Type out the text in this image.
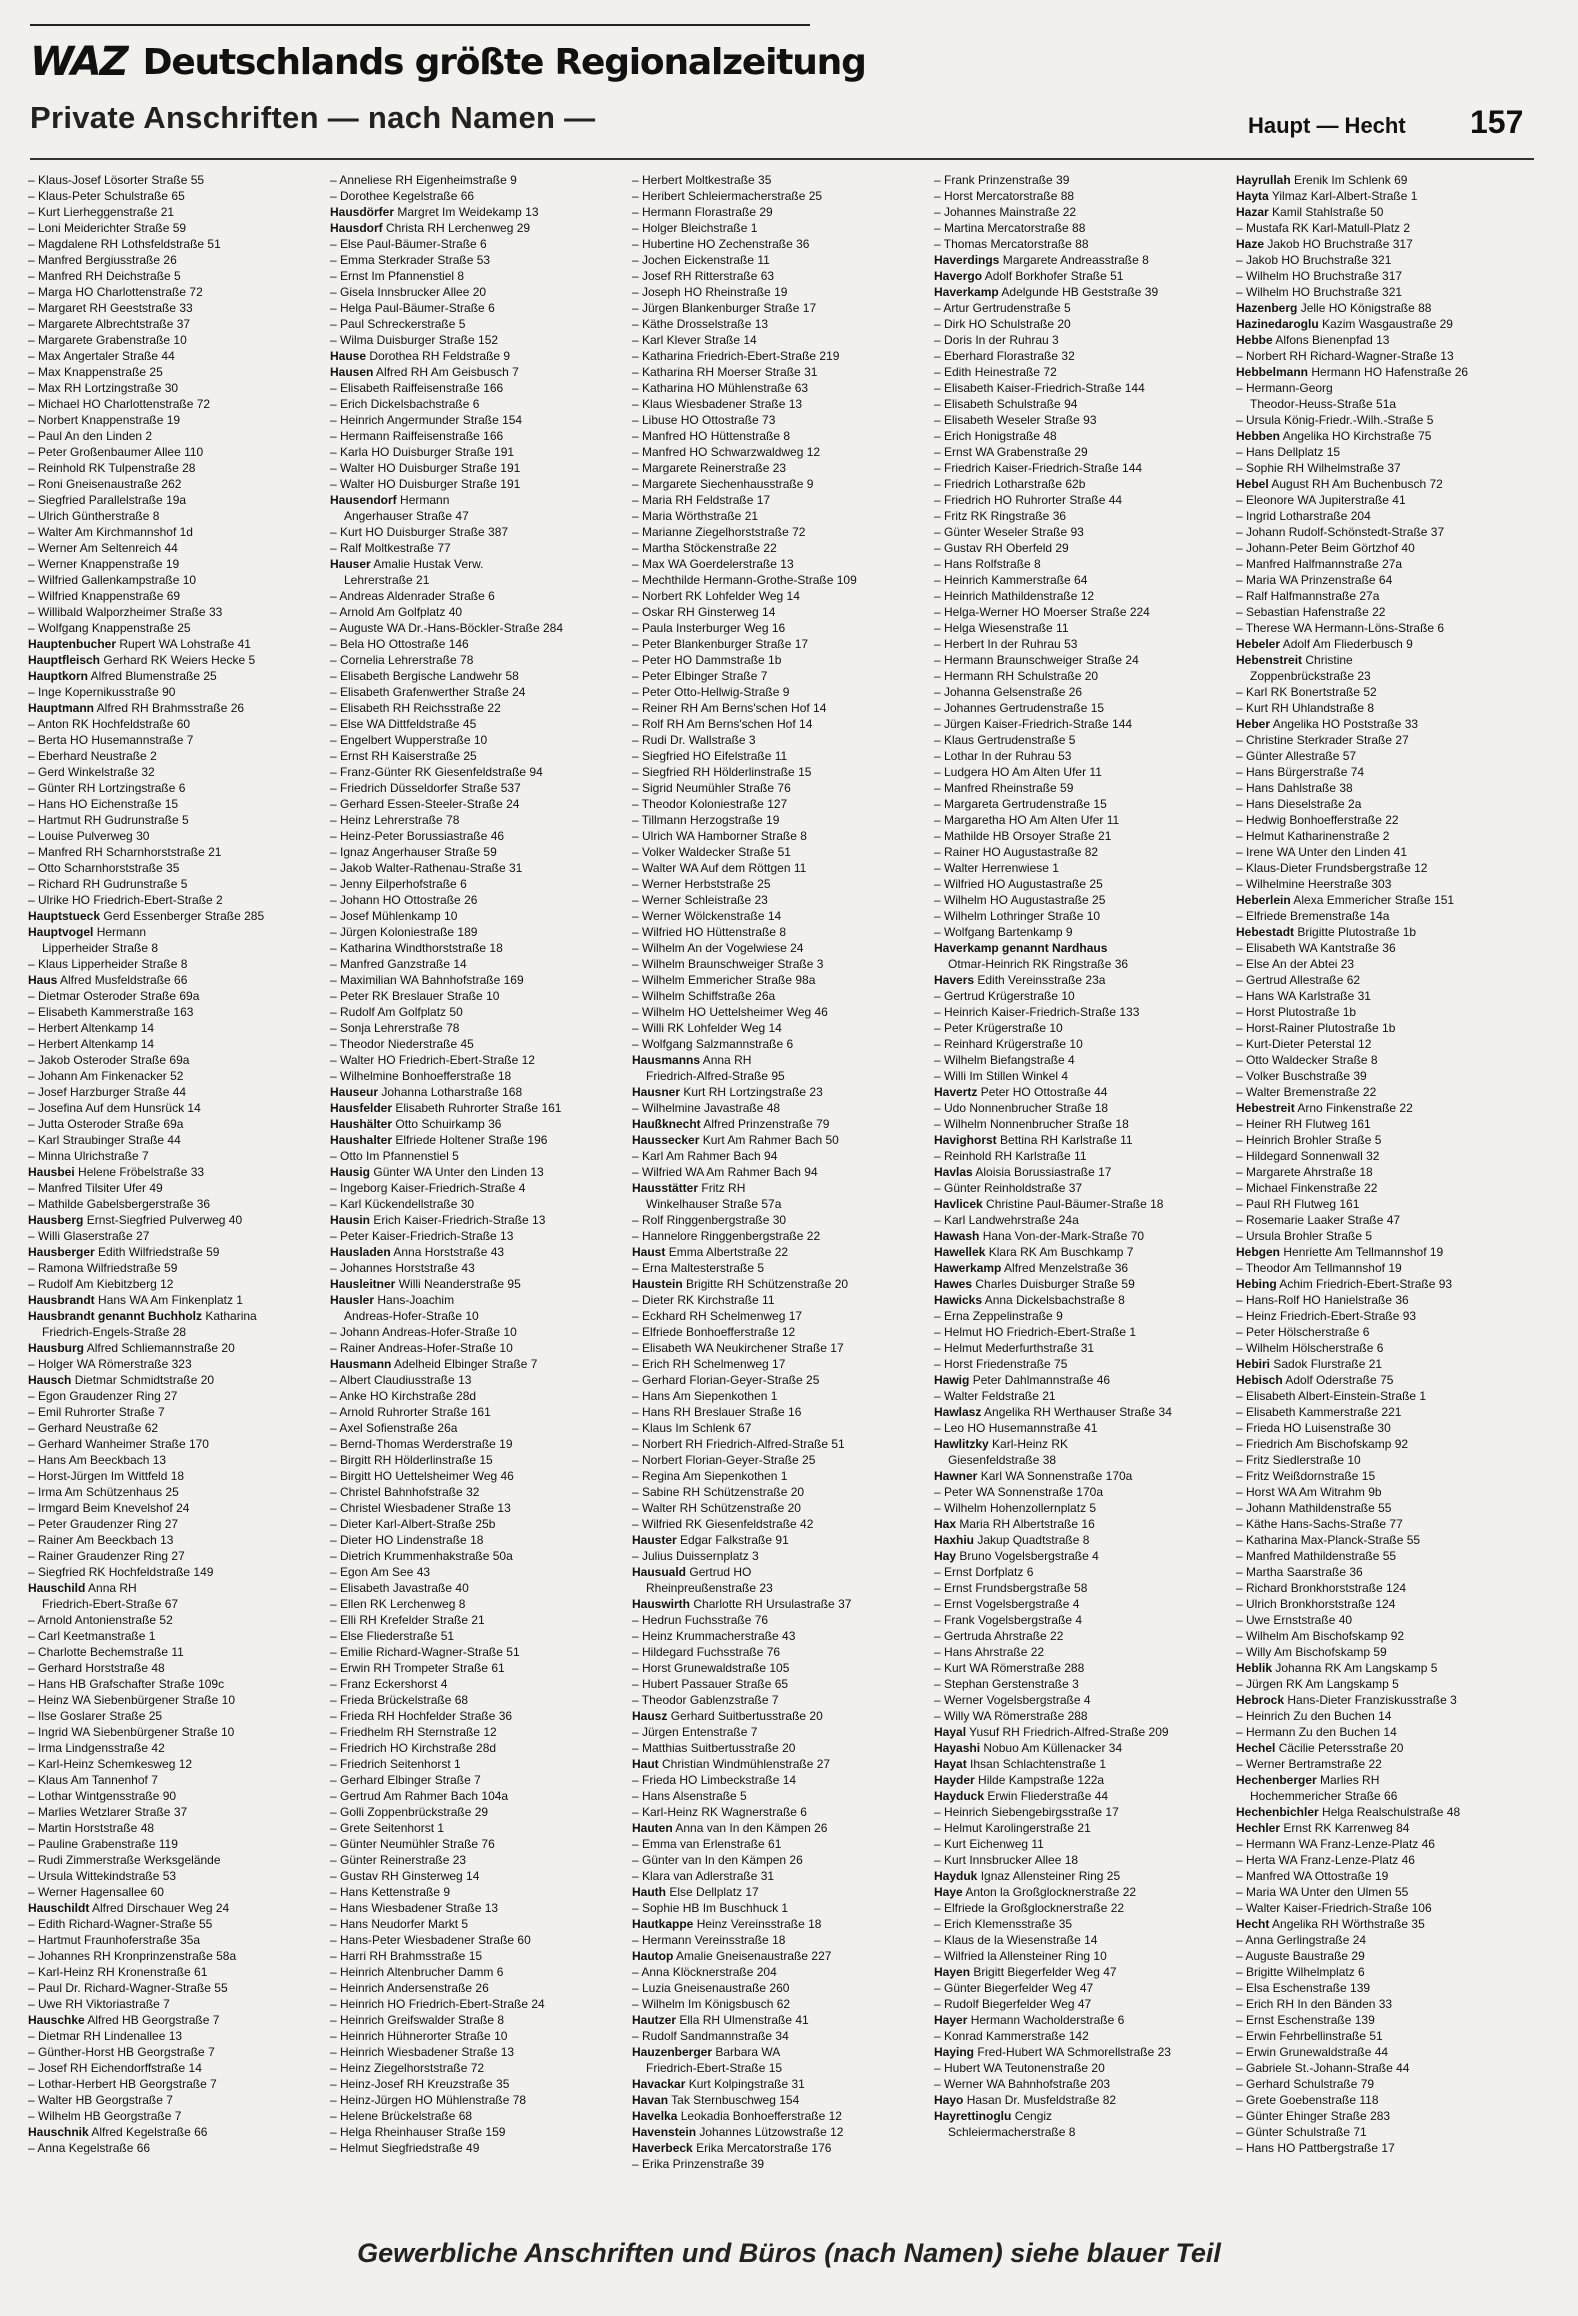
WAZ Deutschlands größte Regionalzeitung
Private Anschriften — nach Namen —	Haupt — Hecht 157
– Klaus-Josef Lösorter Straße 55
– Klaus-Peter Schulstraße 65
– Kurt Lierheggenstraße 21
– Loni Meiderichter Straße 59
– Magdalene RH Lothsfeldstraße 51
– Manfred Bergiusstraße 26
– Manfred RH Deichstraße 5
– Marga HO Charlottenstraße 72
– Margaret RH Geeststraße 33
– Margarete Albrechtstraße 37
– Margarete Grabenstraße 10
– Max Angertaler Straße 44
– Max Knappenstraße 25
– Max RH Lortzingstraße 30
– Michael HO Charlottenstraße 72
– Norbert Knappenstraße 19
– Paul An den Linden 2
– Peter Großenbaumer Allee 110
– Reinhold RK Tulpenstraße 28
– Roni Gneisenaustraße 262
– Siegfried Parallelstraße 19a
– Ulrich Güntherstraße 8
– Walter Am Kirchmannshof 1d
– Werner Am Seltenreich 44
– Werner Knappenstraße 19
– Wilfried Gallenkampstraße 10
– Wilfried Knappenstraße 69
– Willibald Walporzheimer Straße 33
– Wolfgang Knappenstraße 25
Hauptenbucher Rupert WA Lohstraße 41
Hauptfleisch Gerhard RK Weiers Hecke 5
Hauptkorn Alfred Blumenstraße 25
– Inge Kopernikusstraße 90
Hauptmann Alfred RH Brahmsstraße 26
– Anton RK Hochfeldstraße 60
– Berta HO Husemannstraße 7
– Eberhard Neustraße 2
– Gerd Winkelstraße 32
– Günter RH Lortzingstraße 6
– Hans HO Eichenstraße 15
– Hartmut RH Gudrunstraße 5
– Louise Pulverweg 30
– Manfred RH Scharnhorststraße 21
– Otto Scharnhorststraße 35
– Richard RH Gudrunstraße 5
– Ulrike HO Friedrich-Ebert-Straße 2
Hauptstueck Gerd Essenberger Straße 285
Hauptvogel Hermann
Lipperheider Straße 8
– Klaus Lipperheider Straße 8
Haus Alfred Musfeldstraße 66
– Dietmar Osteroder Straße 69a
– Elisabeth Kammerstraße 163
– Herbert Altenkamp 14
– Herbert Altenkamp 14
– Jakob Osteroder Straße 69a
– Johann Am Finkenacker 52
– Josef Harzburger Straße 44
– Josefina Auf dem Hunsrück 14
– Jutta Osteroder Straße 69a
– Karl Straubinger Straße 44
– Minna Ulrichstraße 7
Hausbei Helene Fröbelstraße 33
– Manfred Tilsiter Ufer 49
– Mathilde Gabelsbergerstraße 36
Hausberg Ernst-Siegfried Pulverweg 40
– Willi Glaserstraße 27
Hausberger Edith Wilfriedstraße 59
– Ramona Wilfriedstraße 59
– Rudolf Am Kiebitzberg 12
Hausbrandt Hans WA Am Finkenplatz 1
Hausbrandt genannt Buchholz Katharina
Friedrich-Engels-Straße 28
Hausburg Alfred Schliemannstraße 20
– Holger WA Römerstraße 323
Hausch Dietmar Schmidtstraße 20
– Egon Graudenzer Ring 27
– Emil Ruhrorter Straße 7
– Gerhard Neustraße 62
– Gerhard Wanheimer Straße 170
– Hans Am Beeckbach 13
– Horst-Jürgen Im Wittfeld 18
– Irma Am Schützenhaus 25
– Irmgard Beim Knevelshof 24
– Peter Graudenzer Ring 27
– Rainer Am Beeckbach 13
– Rainer Graudenzer Ring 27
– Siegfried RK Hochfeldstraße 149
Hauschild Anna RH
Friedrich-Ebert-Straße 67
– Arnold Antonienstraße 52
– Carl Keetmanstraße 1
– Charlotte Bechemstraße 11
– Gerhard Horststraße 48
– Hans HB Grafschafter Straße 109c
– Heinz WA Siebenbürgener Straße 10
– Ilse Goslarer Straße 25
– Ingrid WA Siebenbürgener Straße 10
– Irma Lindgensstraße 42
– Karl-Heinz Schemkesweg 12
– Klaus Am Tannenhof 7
– Lothar Wintgensstraße 90
– Marlies Wetzlarer Straße 37
– Martin Horststraße 48
– Pauline Grabenstraße 119
– Rudi Zimmerstraße Werksgelände
– Ursula Wittekindstraße 53
– Werner Hagensallee 60
Hauschildt Alfred Dirschauer Weg 24
– Edith Richard-Wagner-Straße 55
– Hartmut Fraunhoferstraße 35a
– Johannes RH Kronprinzenstraße 58a
– Karl-Heinz RH Kronenstraße 61
– Paul Dr. Richard-Wagner-Straße 55
– Uwe RH Viktoriastraße 7
Hauschke Alfred HB Georgstraße 7
– Dietmar RH Lindenallee 13
– Günther-Horst HB Georgstraße 7
– Josef RH Eichendorffstraße 14
– Lothar-Herbert HB Georgstraße 7
– Walter HB Georgstraße 7
– Wilhelm HB Georgstraße 7
Hauschnik Alfred Kegelstraße 66
– Anna Kegelstraße 66
– Anneliese RH Eigenheimstraße 9
– Dorothee Kegelstraße 66
Hausdörfer Margret Im Weidekamp 13
Hausdorf Christa RH Lerchenweg 29
– Else Paul-Bäumer-Straße 6
– Emma Sterkrader Straße 53
– Ernst Im Pfannenstiel 8
– Gisela Innsbrucker Allee 20
– Helga Paul-Bäumer-Straße 6
– Paul Schreckerstraße 5
– Wilma Duisburger Straße 152
Hause Dorothea RH Feldstraße 9
Hausen Alfred RH Am Geisbusch 7
– Elisabeth Raiffeisenstraße 166
– Erich Dickelsbachstraße 6
– Heinrich Angermunder Straße 154
– Hermann Raiffeisenstraße 166
– Karla HO Duisburger Straße 191
– Walter HO Duisburger Straße 191
– Walter HO Duisburger Straße 191
Hausendorf Hermann
Angerhauser Straße 47
– Kurt HO Duisburger Straße 387
– Ralf Moltkestraße 77
Hauser Amalie Hustak Verw.
Lehrerstraße 21
– Andreas Aldenrader Straße 6
– Arnold Am Golfplatz 40
– Auguste WA Dr.-Hans-Böckler-Straße 284
– Bela HO Ottostraße 146
– Cornelia Lehrerstraße 78
– Elisabeth Bergische Landwehr 58
– Elisabeth Grafenwerther Straße 24
– Elisabeth RH Reichsstraße 22
– Else WA Dittfeldstraße 45
– Engelbert Wupperstraße 10
– Ernst RH Kaiserstraße 25
– Franz-Günter RK Giesenfeldstraße 94
– Friedrich Düsseldorfer Straße 537
– Gerhard Essen-Steeler-Straße 24
– Heinz Lehrerstraße 78
– Heinz-Peter Borussiastraße 46
– Ignaz Angerhauser Straße 59
– Jakob Walter-Rathenau-Straße 31
– Jenny Eilperhofstraße 6
– Johann HO Ottostraße 26
– Josef Mühlenkamp 10
– Jürgen Koloniestraße 189
– Katharina Windthorststraße 18
– Manfred Ganzstraße 14
– Maximilian WA Bahnhofstraße 169
– Peter RK Breslauer Straße 10
– Rudolf Am Golfplatz 50
– Sonja Lehrerstraße 78
– Theodor Niederstraße 45
– Walter HO Friedrich-Ebert-Straße 12
– Wilhelmine Bonhoefferstraße 18
Hauseur Johanna Lotharstraße 168
Hausfelder Elisabeth Ruhrorter Straße 161
Haushälter Otto Schuirkamp 36
Haushalter Elfriede Holtener Straße 196
– Otto Im Pfannenstiel 5
Hausig Günter WA Unter den Linden 13
– Ingeborg Kaiser-Friedrich-Straße 4
– Karl Kückendellstraße 30
Hausin Erich Kaiser-Friedrich-Straße 13
– Peter Kaiser-Friedrich-Straße 13
Hausladen Anna Horststraße 43
– Johannes Horststraße 43
Hausleitner Willi Neanderstraße 95
Hausler Hans-Joachim
Andreas-Hofer-Straße 10
– Johann Andreas-Hofer-Straße 10
– Rainer Andreas-Hofer-Straße 10
Hausmann Adelheid Elbinger Straße 7
– Albert Claudiusstraße 13
– Anke HO Kirchstraße 28d
– Arnold Ruhrorter Straße 161
– Axel Sofienstraße 26a
– Bernd-Thomas Werderstraße 19
– Birgitt RH Hölderlinstraße 15
– Birgitt HO Uettelsheimer Weg 46
– Christel Bahnhofstraße 32
– Christel Wiesbadener Straße 13
– Dieter Karl-Albert-Straße 25b
– Dieter HO Lindenstraße 18
– Dietrich Krummenhakstraße 50a
– Egon Am See 43
– Elisabeth Javastraße 40
– Ellen RK Lerchenweg 8
– Elli RH Krefelder Straße 21
– Else Fliederstraße 51
– Emilie Richard-Wagner-Straße 51
– Erwin RH Trompeter Straße 61
– Franz Eckershorst 4
– Frieda Brückelstraße 68
– Frieda RH Hochfelder Straße 36
– Friedhelm RH Sternstraße 12
– Friedrich HO Kirchstraße 28d
– Friedrich Seitenhorst 1
– Gerhard Elbinger Straße 7
– Gertrud Am Rahmer Bach 104a
– Golli Zoppenbrückstraße 29
– Grete Seitenhorst 1
– Günter Neumühler Straße 76
– Günter Reinerstraße 23
– Gustav RH Ginsterweg 14
– Hans Kettenstraße 9
– Hans Wiesbadener Straße 13
– Hans Neudorfer Markt 5
– Hans-Peter Wiesbadener Straße 60
– Harri RH Brahmsstraße 15
– Heinrich Altenbrucher Damm 6
– Heinrich Andersenstraße 26
– Heinrich HO Friedrich-Ebert-Straße 24
– Heinrich Greifswalder Straße 8
– Heinrich Hühnerorter Straße 10
– Heinrich Wiesbadener Straße 13
– Heinz Ziegelhorststraße 72
– Heinz-Josef RH Kreuzstraße 35
– Heinz-Jürgen HO Mühlenstraße 78
– Helene Brückelstraße 68
– Helga Rheinhauser Straße 159
– Helmut Siegfriedstraße 49
– Herbert Moltkestraße 35
– Heribert Schleiermacherstraße 25
– Hermann Florastraße 29
– Holger Bleichstraße 1
– Hubertine HO Zechenstraße 36
– Jochen Eickenstraße 11
– Josef RH Ritterstraße 63
– Joseph HO Rheinstraße 19
– Jürgen Blankenburger Straße 17
– Käthe Drosselstraße 13
– Karl Klever Straße 14
– Katharina Friedrich-Ebert-Straße 219
– Katharina RH Moerser Straße 31
– Katharina HO Mühlenstraße 63
– Klaus Wiesbadener Straße 13
– Libuse HO Ottostraße 73
– Manfred HO Hüttenstraße 8
– Manfred HO Schwarzwaldweg 12
– Margarete Reinerstraße 23
– Margarete Siechenhausstraße 9
– Maria RH Feldstraße 17
– Maria Wörthstraße 21
– Marianne Ziegelhorststraße 72
– Martha Stöckenstraße 22
– Max WA Goerdelerstraße 13
– Mechthilde Hermann-Grothe-Straße 109
– Norbert RK Lohfelder Weg 14
– Oskar RH Ginsterweg 14
– Paula Insterburger Weg 16
– Peter Blankenburger Straße 17
– Peter HO Dammstraße 1b
– Peter Elbinger Straße 7
– Peter Otto-Hellwig-Straße 9
– Reiner RH Am Berns'schen Hof 14
– Rolf RH Am Berns'schen Hof 14
– Rudi Dr. Wallstraße 3
– Siegfried HO Eifelstraße 11
– Siegfried RH Hölderlinstraße 15
– Sigrid Neumühler Straße 76
– Theodor Koloniestraße 127
– Tillmann Herzogstraße 19
– Ulrich WA Hamborner Straße 8
– Volker Waldecker Straße 51
– Walter WA Auf dem Röttgen 11
– Werner Herbststraße 25
– Werner Schleistraße 23
– Werner Wölckenstraße 14
– Wilfried HO Hüttenstraße 8
– Wilhelm An der Vogelwiese 24
– Wilhelm Braunschweiger Straße 3
– Wilhelm Emmericher Straße 98a
– Wilhelm Schiffstraße 26a
– Wilhelm HO Uettelsheimer Weg 46
– Willi RK Lohfelder Weg 14
– Wolfgang Salzmannstraße 6
Hausmanns Anna RH
Friedrich-Alfred-Straße 95
Hausner Kurt RH Lortzingstraße 23
– Wilhelmine Javastraße 48
Haußknecht Alfred Prinzenstraße 79
Haussecker Kurt Am Rahmer Bach 50
– Karl Am Rahmer Bach 94
– Wilfried WA Am Rahmer Bach 94
Hausstätter Fritz RH
Winkelhauser Straße 57a
– Rolf Ringgenbergstraße 30
– Hannelore Ringgenbergstraße 22
Haust Emma Albertstraße 22
– Erna Maltesterstraße 5
Haustein Brigitte RH Schützenstraße 20
– Dieter RK Kirchstraße 11
– Eckhard RH Schelmenweg 17
– Elfriede Bonhoefferstraße 12
– Elisabeth WA Neukirchener Straße 17
– Erich RH Schelmenweg 17
– Gerhard Florian-Geyer-Straße 25
– Hans Am Siepenkothen 1
– Hans RH Breslauer Straße 16
– Klaus Im Schlenk 67
– Norbert RH Friedrich-Alfred-Straße 51
– Norbert Florian-Geyer-Straße 25
– Regina Am Siepenkothen 1
– Sabine RH Schützenstraße 20
– Walter RH Schützenstraße 20
– Wilfried RK Giesenfeldstraße 42
Hauster Edgar Falkstraße 91
– Julius Duissernplatz 3
Hausuald Gertrud HO
Rheinpreußenstraße 23
Hauswirth Charlotte RH Ursulastraße 37
– Hedrun Fuchsstraße 76
– Heinz Krummacherstraße 43
– Hildegard Fuchsstraße 76
– Horst Grunewaldstraße 105
– Hubert Passauer Straße 65
– Theodor Gablenzstraße 7
Hausz Gerhard Suitbertusstraße 20
– Jürgen Entenstraße 7
– Matthias Suitbertusstraße 20
Haut Christian Windmühlenstraße 27
– Frieda HO Limbeckstraße 14
– Hans Alsenstraße 5
– Karl-Heinz RK Wagnerstraße 6
Hauten Anna van In den Kämpen 26
– Emma van Erlenstraße 61
– Günter van In den Kämpen 26
– Klara van Adlerstraße 31
Hauth Else Dellplatz 17
– Sophie HB Im Buschhuck 1
Hautkappe Heinz Vereinsstraße 18
– Hermann Vereinsstraße 18
Hautop Amalie Gneisenaustraße 227
– Anna Klöcknerstraße 204
– Luzia Gneisenaustraße 260
– Wilhelm Im Königsbusch 62
Hautzer Ella RH Ulmenstraße 41
– Rudolf Sandmannstraße 34
Hauzenberger Barbara WA
Friedrich-Ebert-Straße 15
Havackar Kurt Kolpingstraße 31
Havan Tak Sternbuschweg 154
Havelka Leokadia Bonhoefferstraße 12
Havenstein Johannes Lützowstraße 12
Haverbeck Erika Mercatorstraße 176
– Erika Prinzenstraße 39
– Frank Prinzenstraße 39
– Horst Mercatorstraße 88
– Johannes Mainstraße 22
– Martina Mercatorstraße 88
– Thomas Mercatorstraße 88
Haverdings Margarete Andreasstraße 8
Havergo Adolf Borkhofer Straße 51
Haverkamp Adelgunde HB Geststraße 39
– Artur Gertrudenstraße 5
– Dirk HO Schulstraße 20
– Doris In der Ruhrau 3
– Eberhard Florastraße 32
– Edith Heinestraße 72
– Elisabeth Kaiser-Friedrich-Straße 144
– Elisabeth Schulstraße 94
– Elisabeth Weseler Straße 93
– Erich Honigstraße 48
– Ernst WA Grabenstraße 29
– Friedrich Kaiser-Friedrich-Straße 144
– Friedrich Lotharstraße 62b
– Friedrich HO Ruhrorter Straße 44
– Fritz RK Ringstraße 36
– Günter Weseler Straße 93
– Gustav RH Oberfeld 29
– Hans Rolfstraße 8
– Heinrich Kammerstraße 64
– Heinrich Mathildenstraße 12
– Helga-Werner HO Moerser Straße 224
– Helga Wiesenstraße 11
– Herbert In der Ruhrau 53
– Hermann Braunschweiger Straße 24
– Hermann RH Schulstraße 20
– Johanna Gelsenstraße 26
– Johannes Gertrudenstraße 15
– Jürgen Kaiser-Friedrich-Straße 144
– Klaus Gertrudenstraße 5
– Lothar In der Ruhrau 53
– Ludgera HO Am Alten Ufer 11
– Manfred Rheinstraße 59
– Margareta Gertrudenstraße 15
– Margaretha HO Am Alten Ufer 11
– Mathilde HB Orsoyer Straße 21
– Rainer HO Augustastraße 82
– Walter Herrenwiese 1
– Wilfried HO Augustastraße 25
– Wilhelm HO Augustastraße 25
– Wilhelm Lothringer Straße 10
– Wolfgang Bartenkamp 9
Haverkamp genannt Nardhaus
Otmar-Heinrich RK Ringstraße 36
Havers Edith Vereinsstraße 23a
– Gertrud Krügerstraße 10
– Heinrich Kaiser-Friedrich-Straße 133
– Peter Krügerstraße 10
– Reinhard Krügerstraße 10
– Wilhelm Biefangstraße 4
– Willi Im Stillen Winkel 4
Havertz Peter HO Ottostraße 44
– Udo Nonnenbrucher Straße 18
– Wilhelm Nonnenbrucher Straße 18
Havighorst Bettina RH Karlstraße 11
– Reinhold RH Karlstraße 11
Havlas Aloisia Borussiastraße 17
– Günter Reinholdstraße 37
Havlicek Christine Paul-Bäumer-Straße 18
– Karl Landwehrstraße 24a
Hawash Hana Von-der-Mark-Straße 70
Hawellek Klara RK Am Buschkamp 7
Hawerkamp Alfred Menzelstraße 36
Hawes Charles Duisburger Straße 59
Hawicks Anna Dickelsbachstraße 8
– Erna Zeppelinstraße 9
– Helmut HO Friedrich-Ebert-Straße 1
– Helmut Mederfurthstraße 31
– Horst Friedenstraße 75
Hawig Peter Dahlmannstraße 46
– Walter Feldstraße 21
Hawlasz Angelika RH Werthauser Straße 34
– Leo HO Husemannstraße 41
Hawlitzky Karl-Heinz RK
Giesenfeldstraße 38
Hawner Karl WA Sonnenstraße 170a
– Peter WA Sonnenstraße 170a
– Wilhelm Hohenzollernplatz 5
Hax Maria RH Albertstraße 16
Haxhiu Jakup Quadtstraße 8
Hay Bruno Vogelsbergstraße 4
– Ernst Dorfplatz 6
– Ernst Frundsbergstraße 58
– Ernst Vogelsbergstraße 4
– Frank Vogelsbergstraße 4
– Gertruda Ahrstraße 22
– Hans Ahrstraße 22
– Kurt WA Römerstraße 288
– Stephan Gerstenstraße 3
– Werner Vogelsbergstraße 4
– Willy WA Römerstraße 288
Hayal Yusuf RH Friedrich-Alfred-Straße 209
Hayashi Nobuo Am Küllenacker 34
Hayat Ihsan Schlachtenstraße 1
Hayder Hilde Kampstraße 122a
Hayduck Erwin Fliederstraße 44
– Heinrich Siebengebirgsstraße 17
– Helmut Karolingerstraße 21
– Kurt Eichenweg 11
– Kurt Innsbrucker Allee 18
Hayduk Ignaz Allensteiner Ring 25
Haye Anton la Großglocknerstraße 22
– Elfriede la Großglocknerstraße 22
– Erich Klemensstraße 35
– Klaus de la Wiesenstraße 14
– Wilfried la Allensteiner Ring 10
Hayen Brigitt Biegerfelder Weg 47
– Günter Biegerfelder Weg 47
– Rudolf Biegerfelder Weg 47
Hayer Hermann Wacholderstraße 6
– Konrad Kammerstraße 142
Haying Fred-Hubert WA Schmorellstraße 23
– Hubert WA Teutonenstraße 20
– Werner WA Bahnhofstraße 203
Hayo Hasan Dr. Musfeldstraße 82
Hayrettinoglu Cengiz
Schleiermacherstraße 8
Hayrullah Erenik Im Schlenk 69
Hayta Yilmaz Karl-Albert-Straße 1
Hazar Kamil Stahlstraße 50
– Mustafa RK Karl-Matull-Platz 2
Haze Jakob HO Bruchstraße 317
– Jakob HO Bruchstraße 321
– Wilhelm HO Bruchstraße 317
– Wilhelm HO Bruchstraße 321
Hazenberg Jelle HO Königstraße 88
Hazinedaroglu Kazim Wasgaustraße 29
Hebbe Alfons Bienenpfad 13
– Norbert RH Richard-Wagner-Straße 13
Hebbelmann Hermann HO Hafenstraße 26
– Hermann-Georg
Theodor-Heuss-Straße 51a
– Ursula König-Friedr.-Wilh.-Straße 5
Hebben Angelika HO Kirchstraße 75
– Hans Dellplatz 15
– Sophie RH Wilhelmstraße 37
Hebel August RH Am Buchenbusch 72
– Eleonore WA Jupiterstraße 41
– Ingrid Lotharstraße 204
– Johann Rudolf-Schönstedt-Straße 37
– Johann-Peter Beim Görtzhof 40
– Manfred Halfmannstraße 27a
– Maria WA Prinzenstraße 64
– Ralf Halfmannstraße 27a
– Sebastian Hafenstraße 22
– Therese WA Hermann-Löns-Straße 6
Hebeler Adolf Am Fliederbusch 9
Hebenstreit Christine
Zoppenbrückstraße 23
– Karl RK Bonertstraße 52
– Kurt RH Uhlandstraße 8
Heber Angelika HO Poststraße 33
– Christine Sterkrader Straße 27
– Günter Allestraße 57
– Hans Bürgerstraße 74
– Hans Dahlstraße 38
– Hans Dieselstraße 2a
– Hedwig Bonhoefferstraße 22
– Helmut Katharinenstraße 2
– Irene WA Unter den Linden 41
– Klaus-Dieter Frundsbergstraße 12
– Wilhelmine Heerstraße 303
Heberlein Alexa Emmericher Straße 151
– Elfriede Bremenstraße 14a
Hebestadt Brigitte Plutostraße 1b
– Elisabeth WA Kantstraße 36
– Else An der Abtei 23
– Gertrud Allestraße 62
– Hans WA Karlstraße 31
– Horst Plutostraße 1b
– Horst-Rainer Plutostraße 1b
– Kurt-Dieter Peterstal 12
– Otto Waldecker Straße 8
– Volker Buschstraße 39
– Walter Bremenstraße 22
Hebestreit Arno Finkenstraße 22
– Heiner RH Flutweg 161
– Heinrich Brohler Straße 5
– Hildegard Sonnenwall 32
– Margarete Ahrstraße 18
– Michael Finkenstraße 22
– Paul RH Flutweg 161
– Rosemarie Laaker Straße 47
– Ursula Brohler Straße 5
Hebgen Henriette Am Tellmannshof 19
– Theodor Am Tellmannshof 19
Hebing Achim Friedrich-Ebert-Straße 93
– Hans-Rolf HO Hanielstraße 36
– Heinz Friedrich-Ebert-Straße 93
– Peter Hölscherstraße 6
– Wilhelm Hölscherstraße 6
Hebiri Sadok Flurstraße 21
Hebisch Adolf Oderstraße 75
– Elisabeth Albert-Einstein-Straße 1
– Elisabeth Kammerstraße 221
– Frieda HO Luisenstraße 30
– Friedrich Am Bischofskamp 92
– Fritz Siedlerstraße 10
– Fritz Weißdornstraße 15
– Horst WA Am Witrahm 9b
– Johann Mathildenstraße 55
– Käthe Hans-Sachs-Straße 77
– Katharina Max-Planck-Straße 55
– Manfred Mathildenstraße 55
– Martha Saarstraße 36
– Richard Bronkhorststraße 124
– Ulrich Bronkhorststraße 124
– Uwe Ernststraße 40
– Wilhelm Am Bischofskamp 92
– Willy Am Bischofskamp 59
Heblik Johanna RK Am Langskamp 5
– Jürgen RK Am Langskamp 5
Hebrock Hans-Dieter Franziskusstraße 3
– Heinrich Zu den Buchen 14
– Hermann Zu den Buchen 14
Hechel Cäcilie Petersstraße 20
– Werner Bertramstraße 22
Hechenberger Marlies RH
Hochemmericher Straße 66
Hechenbichler Helga Realschulstraße 48
Hechler Ernst RK Karrenweg 84
– Hermann WA Franz-Lenze-Platz 46
– Herta WA Franz-Lenze-Platz 46
– Manfred WA Ottostraße 19
– Maria WA Unter den Ulmen 55
– Walter Kaiser-Friedrich-Straße 106
Hecht Angelika RH Wörthstraße 35
– Anna Gerlingstraße 24
– Auguste Baustraße 29
– Brigitte Wilhelmplatz 6
– Elsa Eschenstraße 139
– Erich RH In den Bänden 33
– Ernst Eschenstraße 139
– Erwin Fehrbellinstraße 51
– Erwin Grunewaldstraße 44
– Gabriele St.-Johann-Straße 44
– Gerhard Schulstraße 79
– Grete Goebenstraße 118
– Günter Ehinger Straße 283
– Günter Schulstraße 71
– Hans HO Pattbergstraße 17
Gewerbliche Anschriften und Büros (nach Namen) siehe blauer Teil
